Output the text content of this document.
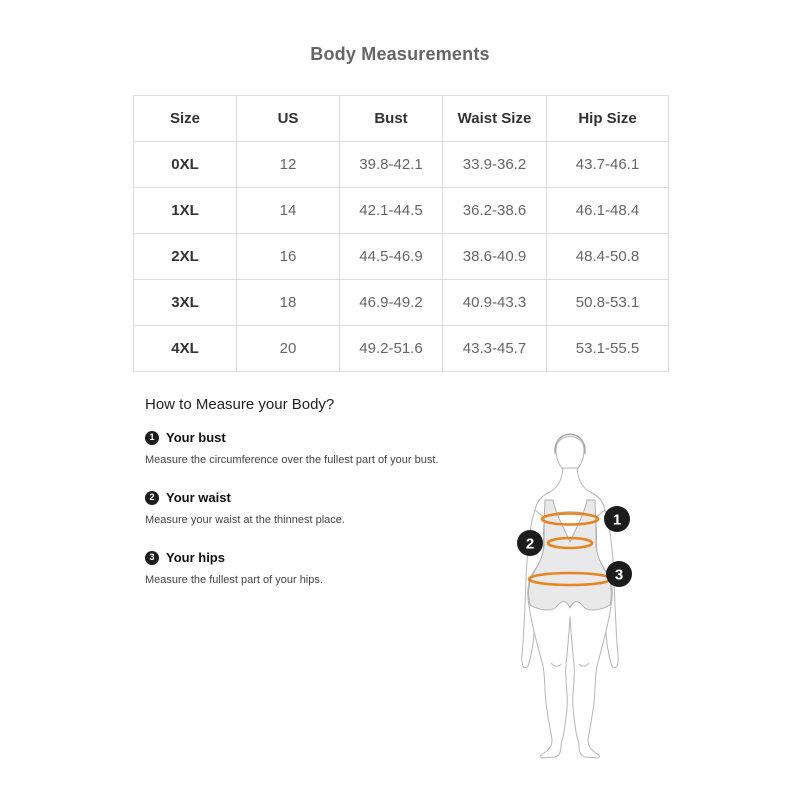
Body Measurements
Size	US	Bust	Waist Size	Hip Size
0XL	12	39.8-42.1	33.9-36.2	43.7-46.1
1XL	14	42.1-44.5	36.2-38.6	46.1-48.4
2XL	16	44.5-46.9	38.6-40.9	48.4-50.8
3XL	18	46.9-49.2	40.9-43.3	50.8-53.1
4XL	20	49.2-51.6	43.3-45.7	53.1-55.5
How to Measure your Body?
1 Your bust
Measure the circumference over the fullest part of your bust.
2 Your waist
Measure your waist at the thinnest place.
3 Your hips
Measure the fullest part of your hips.
1
2
3
